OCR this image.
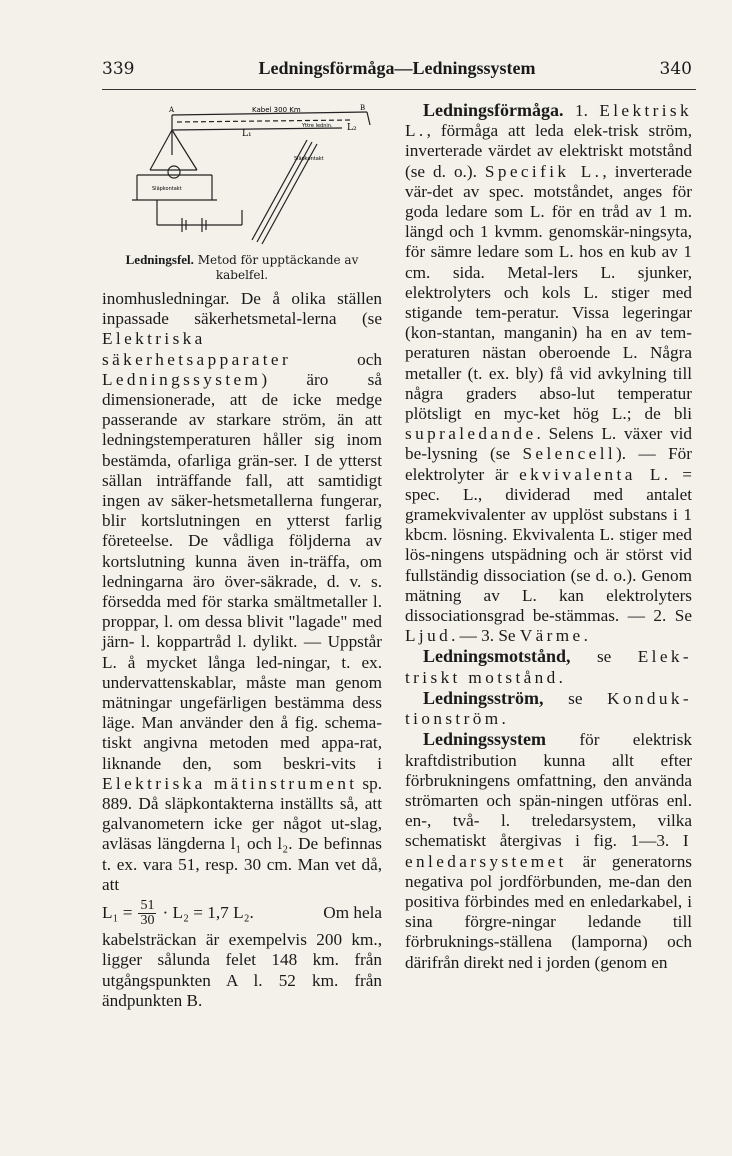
339	Ledningsförmåga—Ledningssystem	340
Kabel 300 Km
L₁
L₂
B
A
Yttre lednin.
Släpkontakt
Släpkontakt
Ledningsfel. Metod för upptäckande av kabelfel.

inomhusledningar. De å olika ställen inpassade säkerhetsmetal-lerna (se Elektriska säkerhetsapparater och Ledningssystem) äro så dimensionerade, att de icke medge passerande av starkare ström, än att ledningstemperaturen håller sig inom bestämda, ofarliga grän-ser. I de ytterst sällan inträffande fall, att samtidigt ingen av säker-hetsmetallerna fungerar, blir kortslutningen en ytterst farlig företeelse. De vådliga följderna av kortslutning kunna även in-träffa, om ledningarna äro över-säkrade, d. v. s. försedda med för starka smältmetaller l. proppar, l. om dessa blivit "lagade" med järn- l. koppartråd l. dylikt. — Uppstår L. å mycket långa led-ningar, t. ex. undervattenskablar, måste man genom mätningar ungefärligen bestämma dess läge. Man använder den å fig. schema-tiskt angivna metoden med appa-rat, liknande den, som beskri-vits i Elektriska mätinstrument sp. 889. Då släpkontakterna inställts så, att galvanometern icke ger något ut-slag, avläsas längderna l₁ och l₂. De befinnas t. ex. vara 51, resp. 30 cm. Man vet då, att

$L_1 = \frac{51}{30} \cdot L_2 = 1,7$ L₂.	Om hela

kabelsträckan är exempelvis 200 km., ligger sålunda felet 148 km. från utgångspunkten A l. 52 km. från ändpunkten B.

Ledningsförmåga. 1. Elektrisk L., förmåga att leda elek-trisk ström, inverterade värdet av elektriskt motstånd (se d. o.). Specifik L., inverterade vär-det av spec. motståndet, anges för goda ledare som L. för en tråd av 1 m. längd och 1 kvmm. genomskär-ningsyta, för sämre ledare som L. hos en kub av 1 cm. sida. Metal-lers L. sjunker, elektrolyters och kols L. stiger med stigande tem-peratur. Vissa legeringar (kon-stantan, manganin) ha en av tem-peraturen nästan oberoende L. Några metaller (t. ex. bly) få vid avkylning till några graders abso-lut temperatur plötsligt en myc-ket hög L.; de bli supraledande. Selens L. växer vid be-lysning (se Selencell). — För elektrolyter är ekvivalenta L. = spec. L., dividerad med antalet gramekvivalenter av upplöst substans i 1 kbcm. lösning. Ekvivalenta L. stiger med lös-ningens utspädning och är störst vid fullständig dissociation (se d. o.). Genom mätning av L. kan elektrolyters dissociationsgrad be-stämmas. — 2. Se Ljud. — 3. Se Värme.

Ledningsmotstånd, se Elek-triskt motstånd.

Ledningsström, se Konduk-tionström.

Ledningssystem för elektrisk kraftdistribution kunna allt efter förbrukningens omfattning, den använda strömarten och spän-ningen utföras enl. en-, två- l. treledarsystem, vilka schematiskt återgivas i fig. 1—3. I enledarsystemet är generatorns negativa pol jordförbunden, me-dan den positiva förbindes med en enledarkabel, i sina förgre-ningar ledande till förbruknings-ställena (lamporna) och därifrån direkt ned i jorden (genom en
